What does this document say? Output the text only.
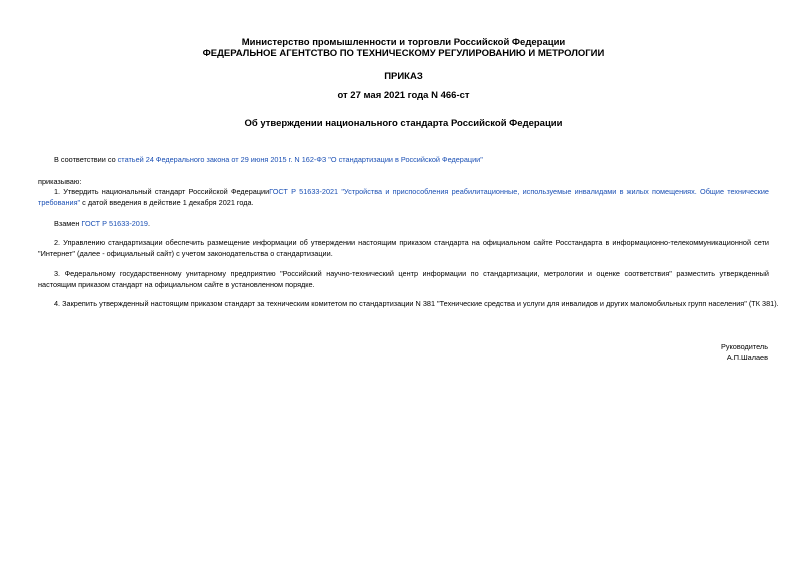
Министерство промышленности и торговли Российской Федерации
ФЕДЕРАЛЬНОЕ АГЕНТСТВО ПО ТЕХНИЧЕСКОМУ РЕГУЛИРОВАНИЮ И МЕТРОЛОГИИ
ПРИКАЗ
от 27 мая 2021 года N 466-ст
Об утверждении национального стандарта Российской Федерации
В соответствии со статьей 24 Федерального закона от 29 июня 2015 г. N 162-ФЗ "О стандартизации в Российской Федерации"
приказываю:
1. Утвердить национальный стандарт Российской ФедерацииГОСТ Р 51633-2021 "Устройства и приспособления реабилитационные, используемые инвалидами в жилых помещениях. Общие технические требования" с датой введения в действие 1 декабря 2021 года.
Взамен ГОСТ Р 51633-2019.
2. Управлению стандартизации обеспечить размещение информации об утверждении настоящим приказом стандарта на официальном сайте Росстандарта в информационно-телекоммуникационной сети "Интернет" (далее - официальный сайт) с учетом законодательства о стандартизации.
3. Федеральному государственному унитарному предприятию "Российский научно-технический центр информации по стандартизации, метрологии и оценке соответствия" разместить утвержденный настоящим приказом стандарт на официальном сайте в установленном порядке.
4. Закрепить утвержденный настоящим приказом стандарт за техническим комитетом по стандартизации N 381 "Технические средства и услуги для инвалидов и других маломобильных групп населения" (ТК 381).
Руководитель
А.П.Шалаев
